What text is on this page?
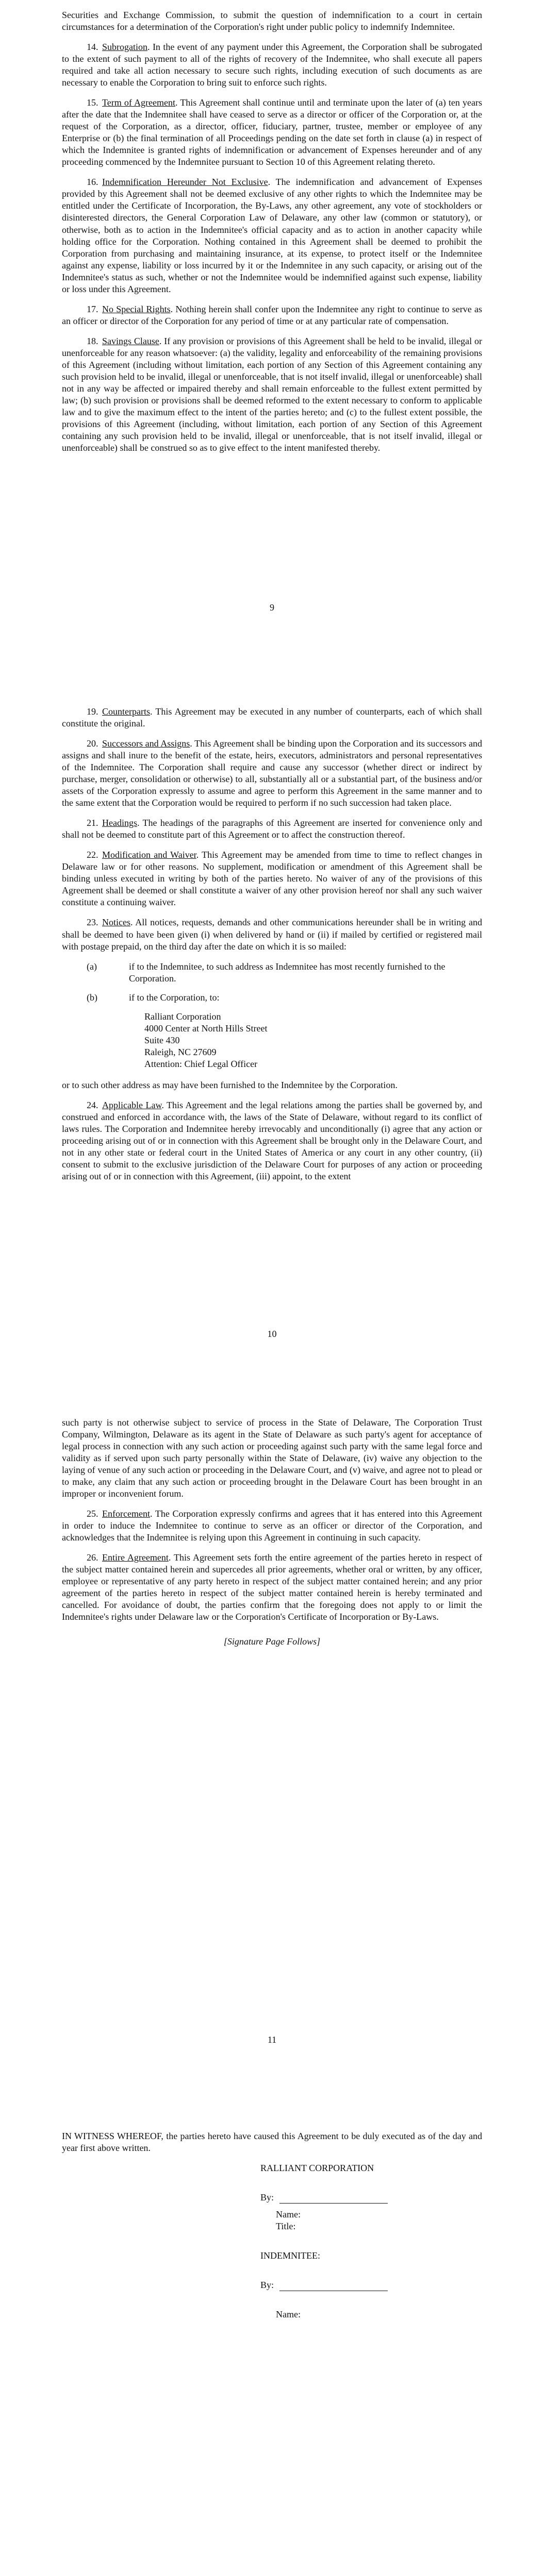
Securities and Exchange Commission, to submit the question of indemnification to a court in certain circumstances for a determination of the Corporation's right under public policy to indemnify Indemnitee.

14. Subrogation. In the event of any payment under this Agreement, the Corporation shall be subrogated to the extent of such payment to all of the rights of recovery of the Indemnitee, who shall execute all papers required and take all action necessary to secure such rights, including execution of such documents as are necessary to enable the Corporation to bring suit to enforce such rights.

15. Term of Agreement. This Agreement shall continue until and terminate upon the later of (a) ten years after the date that the Indemnitee shall have ceased to serve as a director or officer of the Corporation or, at the request of the Corporation, as a director, officer, fiduciary, partner, trustee, member or employee of any Enterprise or (b) the final termination of all Proceedings pending on the date set forth in clause (a) in respect of which the Indemnitee is granted rights of indemnification or advancement of Expenses hereunder and of any proceeding commenced by the Indemnitee pursuant to Section 10 of this Agreement relating thereto.

16. Indemnification Hereunder Not Exclusive. The indemnification and advancement of Expenses provided by this Agreement shall not be deemed exclusive of any other rights to which the Indemnitee may be entitled under the Certificate of Incorporation, the By-Laws, any other agreement, any vote of stockholders or disinterested directors, the General Corporation Law of Delaware, any other law (common or statutory), or otherwise, both as to action in the Indemnitee's official capacity and as to action in another capacity while holding office for the Corporation. Nothing contained in this Agreement shall be deemed to prohibit the Corporation from purchasing and maintaining insurance, at its expense, to protect itself or the Indemnitee against any expense, liability or loss incurred by it or the Indemnitee in any such capacity, or arising out of the Indemnitee's status as such, whether or not the Indemnitee would be indemnified against such expense, liability or loss under this Agreement.

17. No Special Rights. Nothing herein shall confer upon the Indemnitee any right to continue to serve as an officer or director of the Corporation for any period of time or at any particular rate of compensation.

18. Savings Clause. If any provision or provisions of this Agreement shall be held to be invalid, illegal or unenforceable for any reason whatsoever: (a) the validity, legality and enforceability of the remaining provisions of this Agreement (including without limitation, each portion of any Section of this Agreement containing any such provision held to be invalid, illegal or unenforceable, that is not itself invalid, illegal or unenforceable) shall not in any way be affected or impaired thereby and shall remain enforceable to the fullest extent permitted by law; (b) such provision or provisions shall be deemed reformed to the extent necessary to conform to applicable law and to give the maximum effect to the intent of the parties hereto; and (c) to the fullest extent possible, the provisions of this Agreement (including, without limitation, each portion of any Section of this Agreement containing any such provision held to be invalid, illegal or unenforceable, that is not itself invalid, illegal or unenforceable) shall be construed so as to give effect to the intent manifested thereby.

9

19. Counterparts. This Agreement may be executed in any number of counterparts, each of which shall constitute the original.

20. Successors and Assigns. This Agreement shall be binding upon the Corporation and its successors and assigns and shall inure to the benefit of the estate, heirs, executors, administrators and personal representatives of the Indemnitee. The Corporation shall require and cause any successor (whether direct or indirect by purchase, merger, consolidation or otherwise) to all, substantially all or a substantial part, of the business and/or assets of the Corporation expressly to assume and agree to perform this Agreement in the same manner and to the same extent that the Corporation would be required to perform if no such succession had taken place.

21. Headings. The headings of the paragraphs of this Agreement are inserted for convenience only and shall not be deemed to constitute part of this Agreement or to affect the construction thereof.

22. Modification and Waiver. This Agreement may be amended from time to time to reflect changes in Delaware law or for other reasons. No supplement, modification or amendment of this Agreement shall be binding unless executed in writing by both of the parties hereto. No waiver of any of the provisions of this Agreement shall be deemed or shall constitute a waiver of any other provision hereof nor shall any such waiver constitute a continuing waiver.

23. Notices. All notices, requests, demands and other communications hereunder shall be in writing and shall be deemed to have been given (i) when delivered by hand or (ii) if mailed by certified or registered mail with postage prepaid, on the third day after the date on which it is so mailed:

(a)	if to the Indemnitee, to such address as Indemnitee has most recently furnished to the Corporation.
(b)	if to the Corporation, to:
Ralliant Corporation
4000 Center at North Hills Street
Suite 430
Raleigh, NC 27609
Attention: Chief Legal Officer

or to such other address as may have been furnished to the Indemnitee by the Corporation.

24. Applicable Law. This Agreement and the legal relations among the parties shall be governed by, and construed and enforced in accordance with, the laws of the State of Delaware, without regard to its conflict of laws rules. The Corporation and Indemnitee hereby irrevocably and unconditionally (i) agree that any action or proceeding arising out of or in connection with this Agreement shall be brought only in the Delaware Court, and not in any other state or federal court in the United States of America or any court in any other country, (ii) consent to submit to the exclusive jurisdiction of the Delaware Court for purposes of any action or proceeding arising out of or in connection with this Agreement, (iii) appoint, to the extent

10

such party is not otherwise subject to service of process in the State of Delaware, The Corporation Trust Company, Wilmington, Delaware as its agent in the State of Delaware as such party's agent for acceptance of legal process in connection with any such action or proceeding against such party with the same legal force and validity as if served upon such party personally within the State of Delaware, (iv) waive any objection to the laying of venue of any such action or proceeding in the Delaware Court, and (v) waive, and agree not to plead or to make, any claim that any such action or proceeding brought in the Delaware Court has been brought in an improper or inconvenient forum.

25. Enforcement. The Corporation expressly confirms and agrees that it has entered into this Agreement in order to induce the Indemnitee to continue to serve as an officer or director of the Corporation, and acknowledges that the Indemnitee is relying upon this Agreement in continuing in such capacity.

26. Entire Agreement. This Agreement sets forth the entire agreement of the parties hereto in respect of the subject matter contained herein and supercedes all prior agreements, whether oral or written, by any officer, employee or representative of any party hereto in respect of the subject matter contained herein; and any prior agreement of the parties hereto in respect of the subject matter contained herein is hereby terminated and cancelled. For avoidance of doubt, the parties confirm that the foregoing does not apply to or limit the Indemnitee's rights under Delaware law or the Corporation's Certificate of Incorporation or By-Laws.

[Signature Page Follows]

11

IN WITNESS WHEREOF, the parties hereto have caused this Agreement to be duly executed as of the day and year first above written.

RALLIANT CORPORATION
By:
Name:
Title:
INDEMNITEE:
By:
Name:
